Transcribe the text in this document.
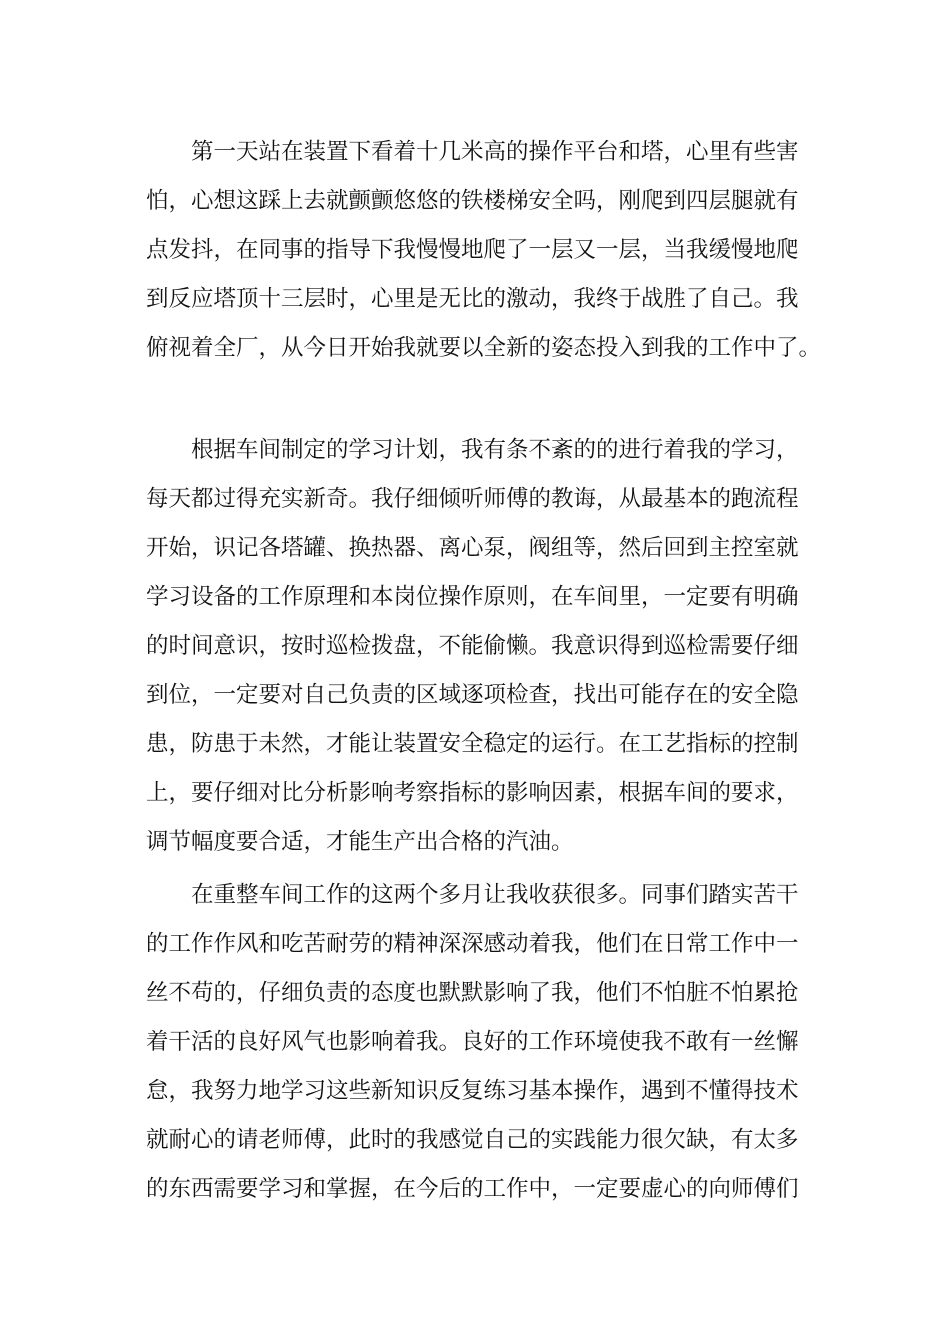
第一天站在装置下看着十几米高的操作平台和塔，心里有些害
怕，心想这踩上去就颤颤悠悠的铁楼梯安全吗，刚爬到四层腿就有
点发抖，在同事的指导下我慢慢地爬了一层又一层，当我缓慢地爬
到反应塔顶十三层时，心里是无比的激动，我终于战胜了自己。我
俯视着全厂，从今日开始我就要以全新的姿态投入到我的工作中了。
根据车间制定的学习计划，我有条不紊的的进行着我的学习，
每天都过得充实新奇。我仔细倾听师傅的教诲，从最基本的跑流程
开始，识记各塔罐、换热器、离心泵，阀组等，然后回到主控室就
学习设备的工作原理和本岗位操作原则，在车间里，一定要有明确
的时间意识，按时巡检拨盘，不能偷懒。我意识得到巡检需要仔细
到位，一定要对自己负责的区域逐项检查，找出可能存在的安全隐
患，防患于未然，才能让装置安全稳定的运行。在工艺指标的控制
上，要仔细对比分析影响考察指标的影响因素，根据车间的要求，
调节幅度要合适，才能生产出合格的汽油。
在重整车间工作的这两个多月让我收获很多。同事们踏实苦干
的工作作风和吃苦耐劳的精神深深感动着我，他们在日常工作中一
丝不苟的，仔细负责的态度也默默影响了我，他们不怕脏不怕累抢
着干活的良好风气也影响着我。良好的工作环境使我不敢有一丝懈
怠，我努力地学习这些新知识反复练习基本操作，遇到不懂得技术
就耐心的请老师傅，此时的我感觉自己的实践能力很欠缺，有太多
的东西需要学习和掌握，在今后的工作中，一定要虚心的向师傅们
